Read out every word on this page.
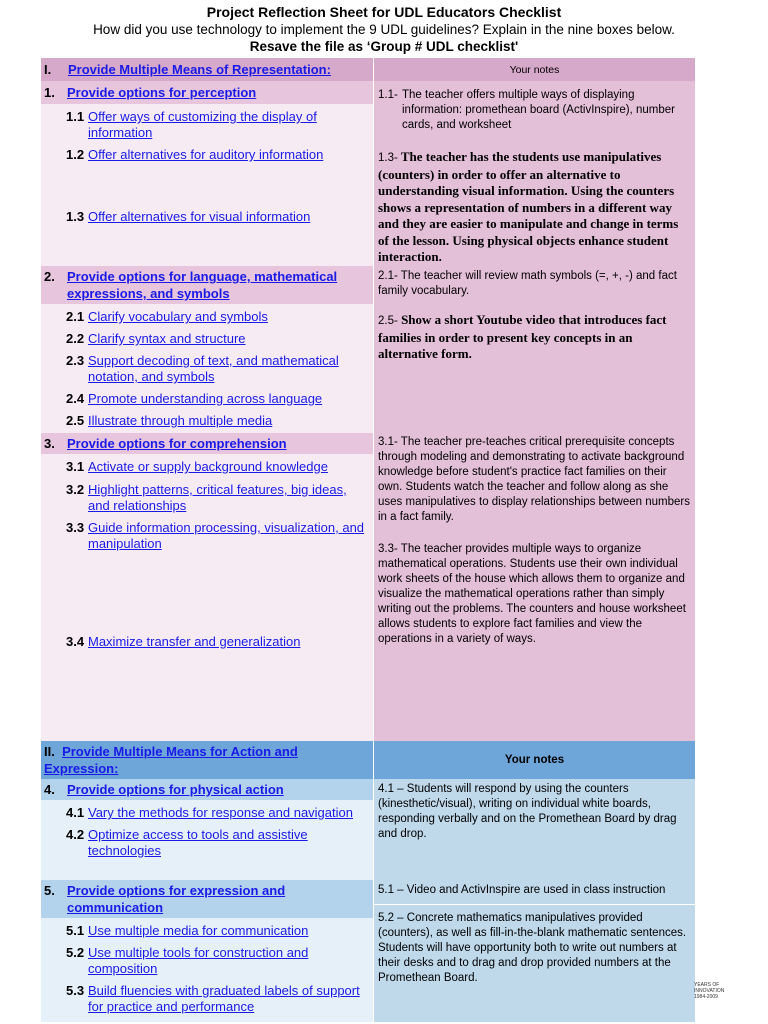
Project Reflection Sheet for UDL Educators Checklist
How did you use technology to implement the 9 UDL guidelines? Explain in the nine boxes below.
Resave the file as ‘Group # UDL checklist'
I.	Provide Multiple Means of Representation:	Your notes
1. Provide options for perception
1.1 Offer ways of customizing the display of information
1.2 Offer alternatives for auditory information
1.3 Offer alternatives for visual information
1.1- The teacher offers multiple ways of displaying information: promethean board (ActivInspire), number cards, and worksheet
1.3- The teacher has the students use manipulatives (counters) in order to offer an alternative to understanding visual information. Using the counters shows a representation of numbers in a different way and they are easier to manipulate and change in terms of the lesson. Using physical objects enhance student interaction.
2. Provide options for language, mathematical expressions, and symbols
2.1 Clarify vocabulary and symbols
2.2 Clarify syntax and structure
2.3 Support decoding of text, and mathematical notation, and symbols
2.4 Promote understanding across language
2.5 Illustrate through multiple media
2.1- The teacher will review math symbols (=, +, -) and fact family vocabulary.
2.5- Show a short Youtube video that introduces fact families in order to present key concepts in an alternative form.
3. Provide options for comprehension
3.1 Activate or supply background knowledge
3.2 Highlight patterns, critical features, big ideas, and relationships
3.3 Guide information processing, visualization, and manipulation
3.4 Maximize transfer and generalization
3.1- The teacher pre-teaches critical prerequisite concepts through modeling and demonstrating to activate background knowledge before student's practice fact families on their own. Students watch the teacher and follow along as she uses manipulatives to display relationships between numbers in a fact family.
3.3- The teacher provides multiple ways to organize mathematical operations. Students use their own individual work sheets of the house which allows them to organize and visualize the mathematical operations rather than simply writing out the problems. The counters and house worksheet allows students to explore fact families and view the operations in a variety of ways.
II. Provide Multiple Means for Action and Expression:
Your notes
4. Provide options for physical action
4.1 Vary the methods for response and navigation
4.2 Optimize access to tools and assistive technologies
4.1 – Students will respond by using the counters (kinesthetic/visual), writing on individual white boards, responding verbally and on the Promethean Board by drag and drop.
5. Provide options for expression and communication
5.1 Use multiple media for communication
5.2 Use multiple tools for construction and composition
5.3 Build fluencies with graduated labels of support for practice and performance
5.1 – Video and ActivInspire are used in class instruction
5.2 – Concrete mathematics manipulatives provided (counters), as well as fill-in-the-blank mathematic sentences. Students will have opportunity both to write out numbers at their desks and to drag and drop provided numbers at the Promethean Board.
YEARS OF INNOVATION 1984-2009
